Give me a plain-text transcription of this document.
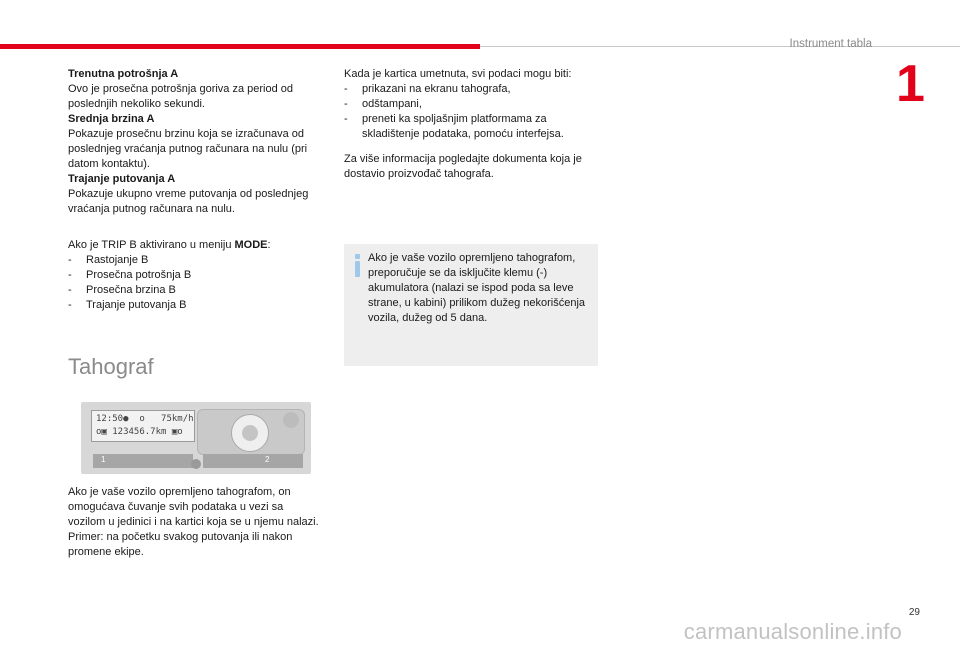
Instrument tabla
1

Trenutna potrošnja A

Ovo je prosečna potrošnja goriva za period od poslednjih nekoliko sekundi.

Srednja brzina A

Pokazuje prosečnu brzinu koja se izračunava od poslednjeg vraćanja putnog računara na nulu (pri datom kontaktu).

Trajanje putovanja A

Pokazuje ukupno vreme putovanja od poslednjeg vraćanja putnog računara na nulu.

Ako je TRIP B aktivirano u meniju MODE:

- Rastojanje B
- Prosečna potrošnja B
- Prosečna brzina B
- Trajanje putovanja B
Tahograf
12:50●  o   75km/h
o▣ 123456.7km ▣o
1	2

Ako je vaše vozilo opremljeno tahografom, on omogućava čuvanje svih podataka u vezi sa vozilom u jedinici i na kartici koja se u njemu nalazi.

Primer: na početku svakog putovanja ili nakon promene ekipe.

Kada je kartica umetnuta, svi podaci mogu biti:

- prikazani na ekranu tahografa,
- odštampani,
- preneti ka spoljašnjim platformama za skladištenje podataka, pomoću interfejsa.
Za više informacija pogledajte dokumenta koja je dostavio proizvođač tahografa.
Ako je vaše vozilo opremljeno tahografom, preporučuje se da isključite klemu (-) akumulatora (nalazi se ispod poda sa leve strane, u kabini) prilikom dužeg nekorišćenja vozila, dužeg od 5 dana.
29
carmanualsonline.info
